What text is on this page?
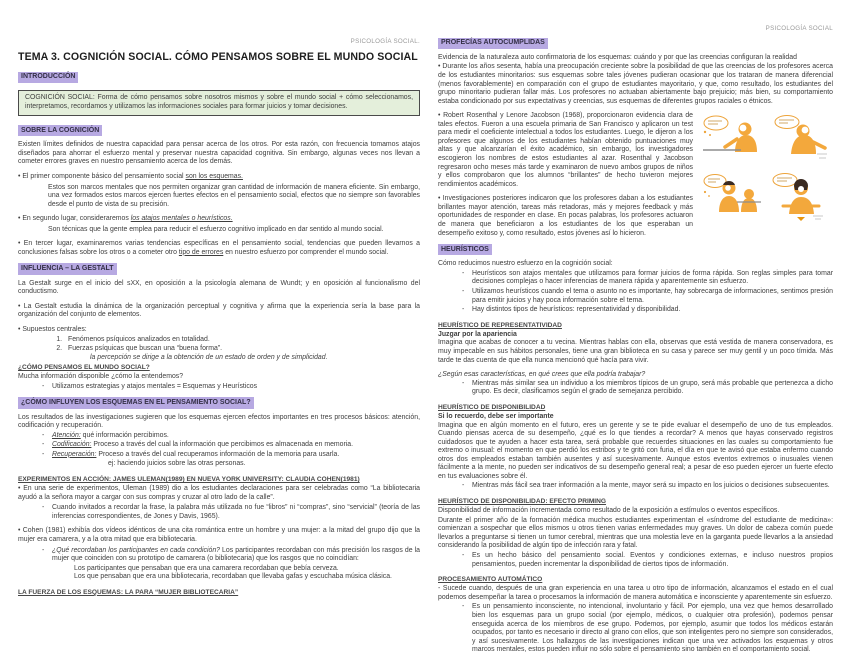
PSICOLOGÍA SOCIAL.
TEMA 3. COGNICIÓN SOCIAL. CÓMO PENSAMOS SOBRE EL MUNDO SOCIAL
INTRODUCCIÓN
COGNICIÓN SOCIAL: Forma de cómo pensamos sobre nosotros mismos y sobre el mundo social + cómo seleccionamos, interpretamos, recordamos y utilizamos las informaciones sociales para formar juicios y tomar decisiones.
SOBRE LA COGNICIÓN

Existen límites definidos de nuestra capacidad para pensar acerca de los otros. Por esta razón, con frecuencia tomamos atajos diseñados para ahorrar el esfuerzo mental y preservar nuestra capacidad cognitiva. Sin embargo, algunas veces nos llevan a cometer errores graves en nuestro pensamiento acerca de los demás.

• El primer componente básico del pensamiento social son los esquemas.
Estos son marcos mentales que nos permiten organizar gran cantidad de información de manera eficiente. Sin embargo, una vez formados estos marcos ejercen fuertes efectos en el pensamiento social, efectos que no siempre son favorables desde el punto de vista de su precisión.
• En segundo lugar, consideraremos los atajos mentales o heurísticos.
Son técnicas que la gente emplea para reducir el esfuerzo cognitivo implicado en dar sentido al mundo social.
• En tercer lugar, examinaremos varias tendencias específicas en el pensamiento social, tendencias que pueden llevarnos a conclusiones falsas sobre los otros o a cometer otro tipo de errores en nuestro esfuerzo por comprender el mundo social.
INFLUENCIA – LA GESTALT

La Gestalt surge en el inicio del sXX, en oposición a la psicología alemana de Wundt; y en oposición al funcionalismo del conductismo.

• La Gestalt estudia la dinámica de la organización perceptual y cognitiva y afirma que la experiencia sería la base para la organización del conjunto de elementos.
• Supuestos centrales:
1. Fenómenos psíquicos analizados en totalidad.
2. Fuerzas psíquicas que buscan una “buena forma”.
la percepción se dirige a la obtención de un estado de orden y de simplicidad.
¿CÓMO PENSAMOS EL MUNDO SOCIAL?

Mucha información disponible ¿cómo la entendemos?

- Utilizamos estrategias y atajos mentales = Esquemas y Heurísticos
¿CÓMO INFLUYEN LOS ESQUEMAS EN EL PENSAMIENTO SOCIAL?

Los resultados de las investigaciones sugieren que los esquemas ejercen efectos importantes en tres procesos básicos: atención, codificación y recuperación.

- Atención: qué información percibimos.
- Codificación: Proceso a través del cual la información que percibimos es almacenada en memoria.
- Recuperación: Proceso a través del cual recuperamos información de la memoria para usarla.
ej: haciendo juicios sobre las otras personas.
EXPERIMENTOS EN ACCIÓN: JAMES ULEMAN(1989) EN NUEVA YORK UNIVERSITY: CLAUDIA COHEN(1981)
• En una serie de experimentos, Uleman (1989) dio a los estudiantes declaraciones para ser celebradas como “La bibliotecaria ayudó a la señora mayor a cargar con sus compras y cruzar al otro lado de la calle”.
- Cuando invitados a recordar la frase, la palabra más utilizada no fue “libros” ni “compras”, sino “servicial” (teoría de las inferencias correspondientes, de Jones y Davis, 1965).
• Cohen (1981) exhibía dos vídeos idénticos de una cita romántica entre un hombre y una mujer: a la mitad del grupo dijo que la mujer era camarera, y a la otra mitad que era bibliotecaria.
- ¿Qué recordaban los participantes en cada condición? Los participantes recordaban con más precisión los rasgos de la mujer que coinciden con su prototipo de camarera (o bibliotecaria) que los rasgos que no coincidían:
Los participantes que pensaban que era una camarera recordaban que bebía cerveza.
Los que pensaban que era una bibliotecaria, recordaban que llevaba gafas y escuchaba música clásica.
LA FUERZA DE LOS ESQUEMAS: LA PARA “MUJER BIBLIOTECARIA”
PSICOLOGÍA SOCIAL
PROFECÍAS AUTOCUMPLIDAS

Evidencia de la naturaleza auto confirmatoria de los esquemas: cuándo y por que las creencias configuran la realidad

• Durante los años sesenta, había una preocupación creciente sobre la posibilidad de que las creencias de los profesores acerca de los estudiantes minoritarios: sus esquemas sobre tales jóvenes pudieran ocasionar que los trataran de manera diferencial (menos favorablemente) en comparación con el grupo de estudiantes mayoritario, y que, como resultado, los estudiantes del grupo minoritario pudieran fallar más. Los profesores no actuaban abiertamente bajo prejuicio; más bien, su comportamiento estaba condicionado por sus expectativas y creencias, sus esquemas de diferentes grupos raciales o étnicos.
• Robert Rosenthal y Lenore Jacobson (1968), proporcionaron evidencia clara de tales efectos. Fueron a una escuela primaria de San Francisco y aplicaron un test para medir el coeficiente intelectual a todos los estudiantes. Luego, le dijeron a los profesores que algunos de los estudiantes habían obtenido puntuaciones muy altas y que alcanzarían el éxito académico, sin embargo, los investigadores escogieron los nombres de estos estudiantes al azar. Rosenthal y Jacobson regresaron ocho meses más tarde y examinaron de nuevo ambos grupos de niños y ellos comprobaron que los alumnos “brillantes” de hecho tuvieron mejores rendimientos académicos.
• Investigaciones posteriores indicaron que los profesores daban a los estudiantes brillantes mayor atención, tareas más retadoras, más y mejores feedback y más oportunidades de responder en clase. En pocas palabras, los profesores actuaron de manera que beneficiaron a los estudiantes de los que esperaban un desempeño exitoso y, como resultado, estos jóvenes así lo hicieron.
HEURÍSTICOS

Cómo reducimos nuestro esfuerzo en la cognición social:

- Heurísticos son atajos mentales que utilizamos para formar juicios de forma rápida. Son reglas simples para tomar decisiones complejas o hacer inferencias de manera rápida y aparentemente sin esfuerzo.
- Utilizamos heurísticos cuando el tema o asunto no es importante, hay sobrecarga de informaciones, sentimos presión para emitir juicios y hay poca información sobre el tema.
- Hay distintos tipos de heurísticos: representatividad y disponibilidad.
HEURÍSTICO DE REPRESENTATIVIDAD
Juzgar por la apariencia

Imagina que acabas de conocer a tu vecina. Mientras hablas con ella, observas que está vestida de manera conservadora, es muy impecable en sus hábitos personales, tiene una gran biblioteca en su casa y parece ser muy gentil y un poco tímida. Más tarde te das cuenta de que ella nunca mencionó qué hacía para vivir.

¿Según esas características, en qué crees que ella podría trabajar?
- Mientras más similar sea un individuo a los miembros típicos de un grupo, será más probable que pertenezca a dicho grupo. Es decir, clasificamos según el grado de semejanza percibido.
HEURÍSTICO DE DISPONIBILIDAD
Si lo recuerdo, debe ser importante

Imagina que en algún momento en el futuro, eres un gerente y se te pide evaluar el desempeño de uno de tus empleados. Cuando piensas acerca de su desempeño, ¿qué es lo que tiendes a recordar? A menos que hayas conservado registros cuidadosos que te ayuden a hacer esta tarea, será probable que recuerdes situaciones en las cuales su comportamiento fue extremo o inusual: el momento en que perdió los estribos y te gritó con furia, el día en que te avisó que estaba enfermo cuando otros dos empleados estaban también ausentes y así sucesivamente. Aunque estos eventos extremos o inusuales vienen fácilmente a la mente, no pueden ser indicativos de su desempeño general real; a pesar de eso pueden ejercer un fuerte efecto en tus evaluaciones sobre él.

- Mientras más fácil sea traer información a la mente, mayor será su impacto en los juicios o decisiones subsecuentes.
HEURÍSTICO DE DISPONIBILIDAD: EFECTO PRIMING

Disponibilidad de información incrementada como resultado de la exposición a estímulos o eventos específicos.

Durante el primer año de la formación médica muchos estudiantes experimentan el «síndrome del estudiante de medicina»: comienzan a sospechar que ellos mismos u otros tienen varias enfermedades muy graves. Un dolor de cabeza común puede llevarlos a preguntarse si tienen un tumor cerebral, mientras que una molestia leve en la garganta puede llevarlos a la ansiedad considerando la posibilidad de algún tipo de infección rara y fatal.

- Es un hecho básico del pensamiento social. Eventos y condiciones externas, e incluso nuestros propios pensamientos, pueden incrementar la disponibilidad de ciertos tipos de información.
PROCESAMIENTO AUTOMÁTICO

- Sucede cuando, después de una gran experiencia en una tarea u otro tipo de información, alcanzamos el estado en el cual podemos desempeñar la tarea o procesamos la información de manera automática e inconsciente y aparentemente sin esfuerzo.

- Es un pensamiento inconsciente, no intencional, involuntario y fácil. Por ejemplo, una vez que hemos desarrollado bien los esquemas para un grupo social (por ejemplo, médicos, o cualquier otra profesión), podemos pensar enseguida acerca de los miembros de ese grupo. Podemos, por ejemplo, asumir que todos los médicos estarán ocupados, por tanto es necesario ir directo al grano con ellos, que son inteligentes pero no siempre son considerados, y así sucesivamente. Los hallazgos de las investigaciones indican que una vez activados los esquemas y otros marcos mentales, estos pueden influir no sólo sobre el pensamiento sino también en el comportamiento social.
